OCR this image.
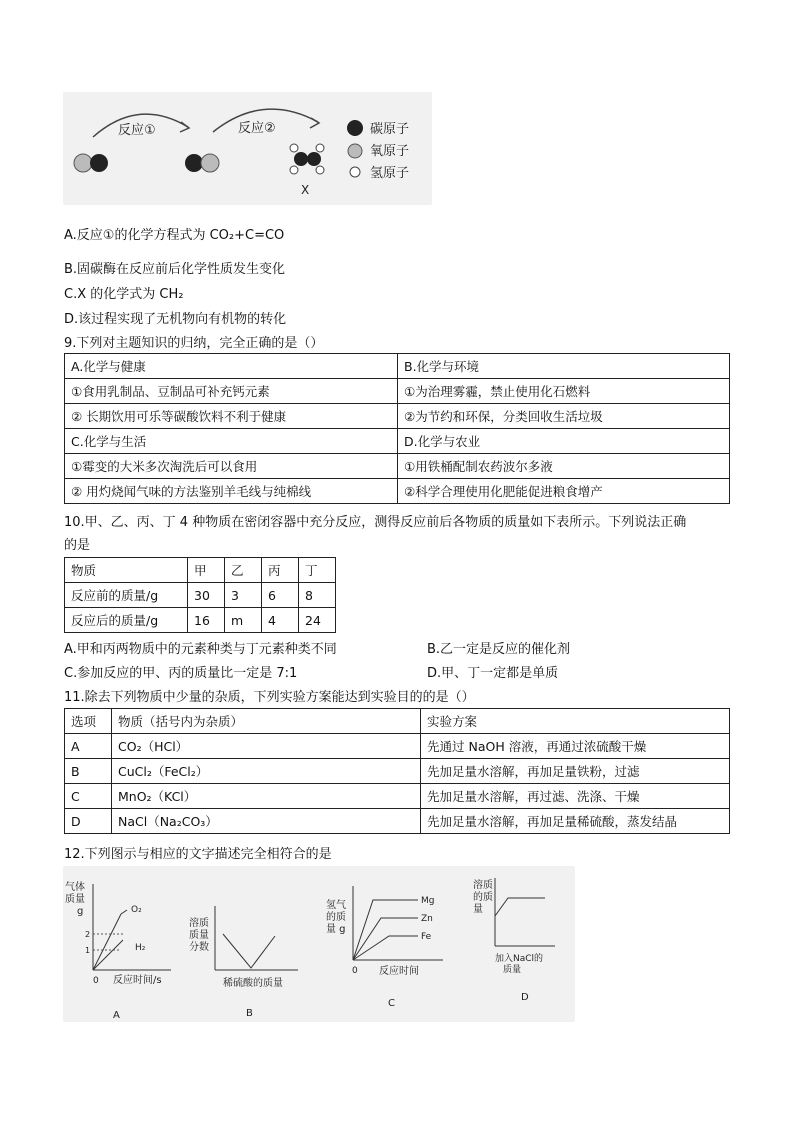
反应①	反应②
X
碳原子
氧原子
氢原子
A.反应①的化学方程式为 CO₂+C=CO
B.固碳酶在反应前后化学性质发生变化
C.X 的化学式为 CH₂
D.该过程实现了无机物向有机物的转化
9.下列对主题知识的归纳，完全正确的是（）
A.化学与健康	B.化学与环境
①食用乳制品、豆制品可补充钙元素	①为治理雾霾，禁止使用化石燃料
② 长期饮用可乐等碳酸饮料不利于健康	②为节约和环保，分类回收生活垃圾
C.化学与生活	D.化学与农业
①霉变的大米多次淘洗后可以食用	①用铁桶配制农药波尔多液
② 用灼烧闻气味的方法鉴别羊毛线与纯棉线	②科学合理使用化肥能促进粮食增产
10.甲、乙、丙、丁 4 种物质在密闭容器中充分反应，测得反应前后各物质的质量如下表所示。下列说法正确
的是
物质	甲	乙	丙	丁
反应前的质量/g	30	3	6	8
反应后的质量/g	16	m	4	24
A.甲和丙两物质中的元素种类与丁元素种类不同	B.乙一定是反应的催化剂
C.参加反应的甲、丙的质量比一定是 7:1	D.甲、丁一定都是单质
11.除去下列物质中少量的杂质，下列实验方案能达到实验目的的是（）
选项	物质（括号内为杂质）	实验方案
A	CO₂（HCl）	先通过 NaOH 溶液，再通过浓硫酸干燥
B	CuCl₂（FeCl₂）	先加足量水溶解，再加足量铁粉，过滤
C	MnO₂（KCl）	先加足量水溶解，再过滤、洗涤、干燥
D	NaCl（Na₂CO₃）	先加足量水溶解，再加足量稀硫酸，蒸发结晶
12.下列图示与相应的文字描述完全相符合的是
气体
质量
g
2
1
O₂
H₂
0 反应时间/s
A
溶质
质量
分数
稀硫酸的质量
B
氢气
的质
量 g
Mg
Zn
Fe
0 反应时间
C
溶质
的质
量
加入NaCl的
质量
D
